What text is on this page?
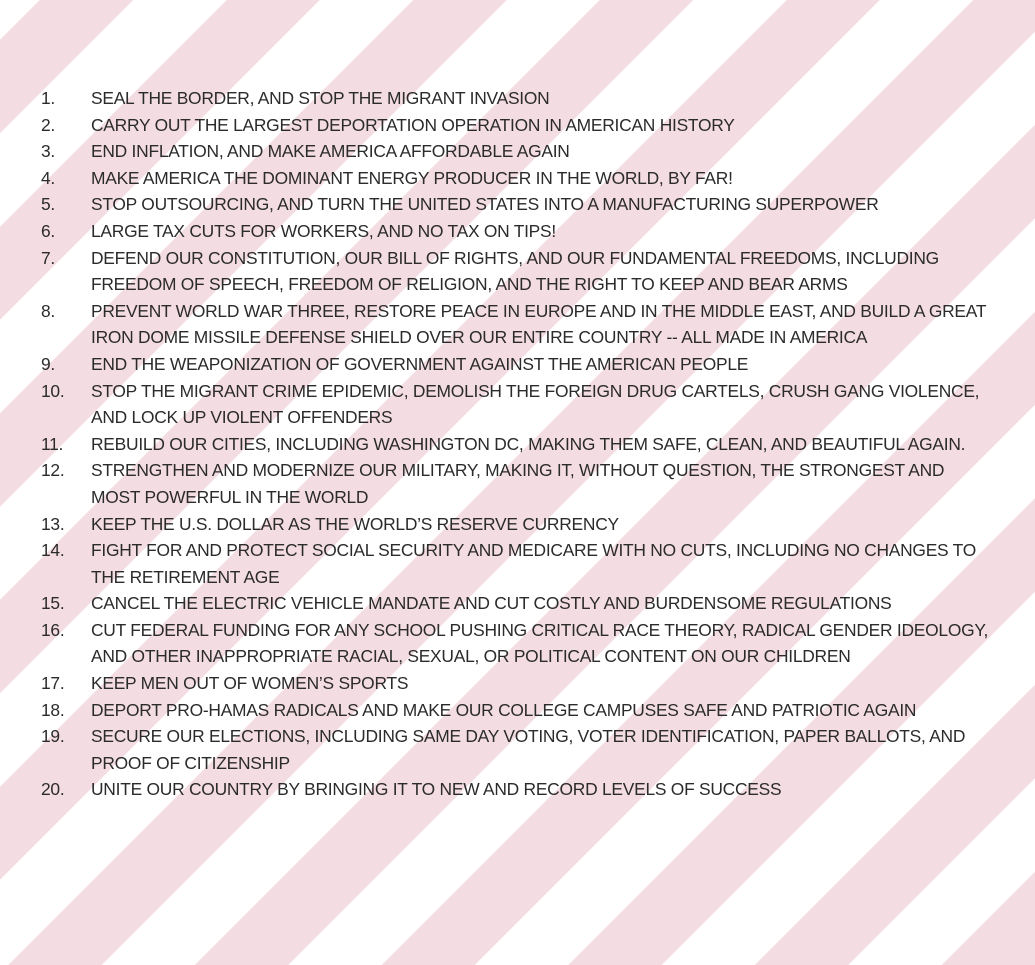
1.	SEAL THE BORDER, AND STOP THE MIGRANT INVASION
2.	CARRY OUT THE LARGEST DEPORTATION OPERATION IN AMERICAN HISTORY
3.	END INFLATION, AND MAKE AMERICA AFFORDABLE AGAIN
4.	MAKE AMERICA THE DOMINANT ENERGY PRODUCER IN THE WORLD, BY FAR!
5.	STOP OUTSOURCING, AND TURN THE UNITED STATES INTO A MANUFACTURING SUPERPOWER
6.	LARGE TAX CUTS FOR WORKERS, AND NO TAX ON TIPS!
7.	DEFEND OUR CONSTITUTION, OUR BILL OF RIGHTS, AND OUR FUNDAMENTAL FREEDOMS, INCLUDING FREEDOM OF SPEECH, FREEDOM OF RELIGION, AND THE RIGHT TO KEEP AND BEAR ARMS
8.	PREVENT WORLD WAR THREE, RESTORE PEACE IN EUROPE AND IN THE MIDDLE EAST, AND BUILD A GREAT IRON DOME MISSILE DEFENSE SHIELD OVER OUR ENTIRE COUNTRY -- ALL MADE IN AMERICA
9.	END THE WEAPONIZATION OF GOVERNMENT AGAINST THE AMERICAN PEOPLE
10.	STOP THE MIGRANT CRIME EPIDEMIC, DEMOLISH THE FOREIGN DRUG CARTELS, CRUSH GANG VIOLENCE, AND LOCK UP VIOLENT OFFENDERS
11.	REBUILD OUR CITIES, INCLUDING WASHINGTON DC, MAKING THEM SAFE, CLEAN, AND BEAUTIFUL AGAIN.
12.	STRENGTHEN AND MODERNIZE OUR MILITARY, MAKING IT, WITHOUT QUESTION, THE STRONGEST AND MOST POWERFUL IN THE WORLD
13.	KEEP THE U.S. DOLLAR AS THE WORLD’S RESERVE CURRENCY
14.	FIGHT FOR AND PROTECT SOCIAL SECURITY AND MEDICARE WITH NO CUTS, INCLUDING NO CHANGES TO THE RETIREMENT AGE
15.	CANCEL THE ELECTRIC VEHICLE MANDATE AND CUT COSTLY AND BURDENSOME REGULATIONS
16.	CUT FEDERAL FUNDING FOR ANY SCHOOL PUSHING CRITICAL RACE THEORY, RADICAL GENDER IDEOLOGY, AND OTHER INAPPROPRIATE RACIAL, SEXUAL, OR POLITICAL CONTENT ON OUR CHILDREN
17.	KEEP MEN OUT OF WOMEN’S SPORTS
18.	DEPORT PRO-HAMAS RADICALS AND MAKE OUR COLLEGE CAMPUSES SAFE AND PATRIOTIC AGAIN
19.	SECURE OUR ELECTIONS, INCLUDING SAME DAY VOTING, VOTER IDENTIFICATION, PAPER BALLOTS, AND PROOF OF CITIZENSHIP
20.	UNITE OUR COUNTRY BY BRINGING IT TO NEW AND RECORD LEVELS OF SUCCESS
